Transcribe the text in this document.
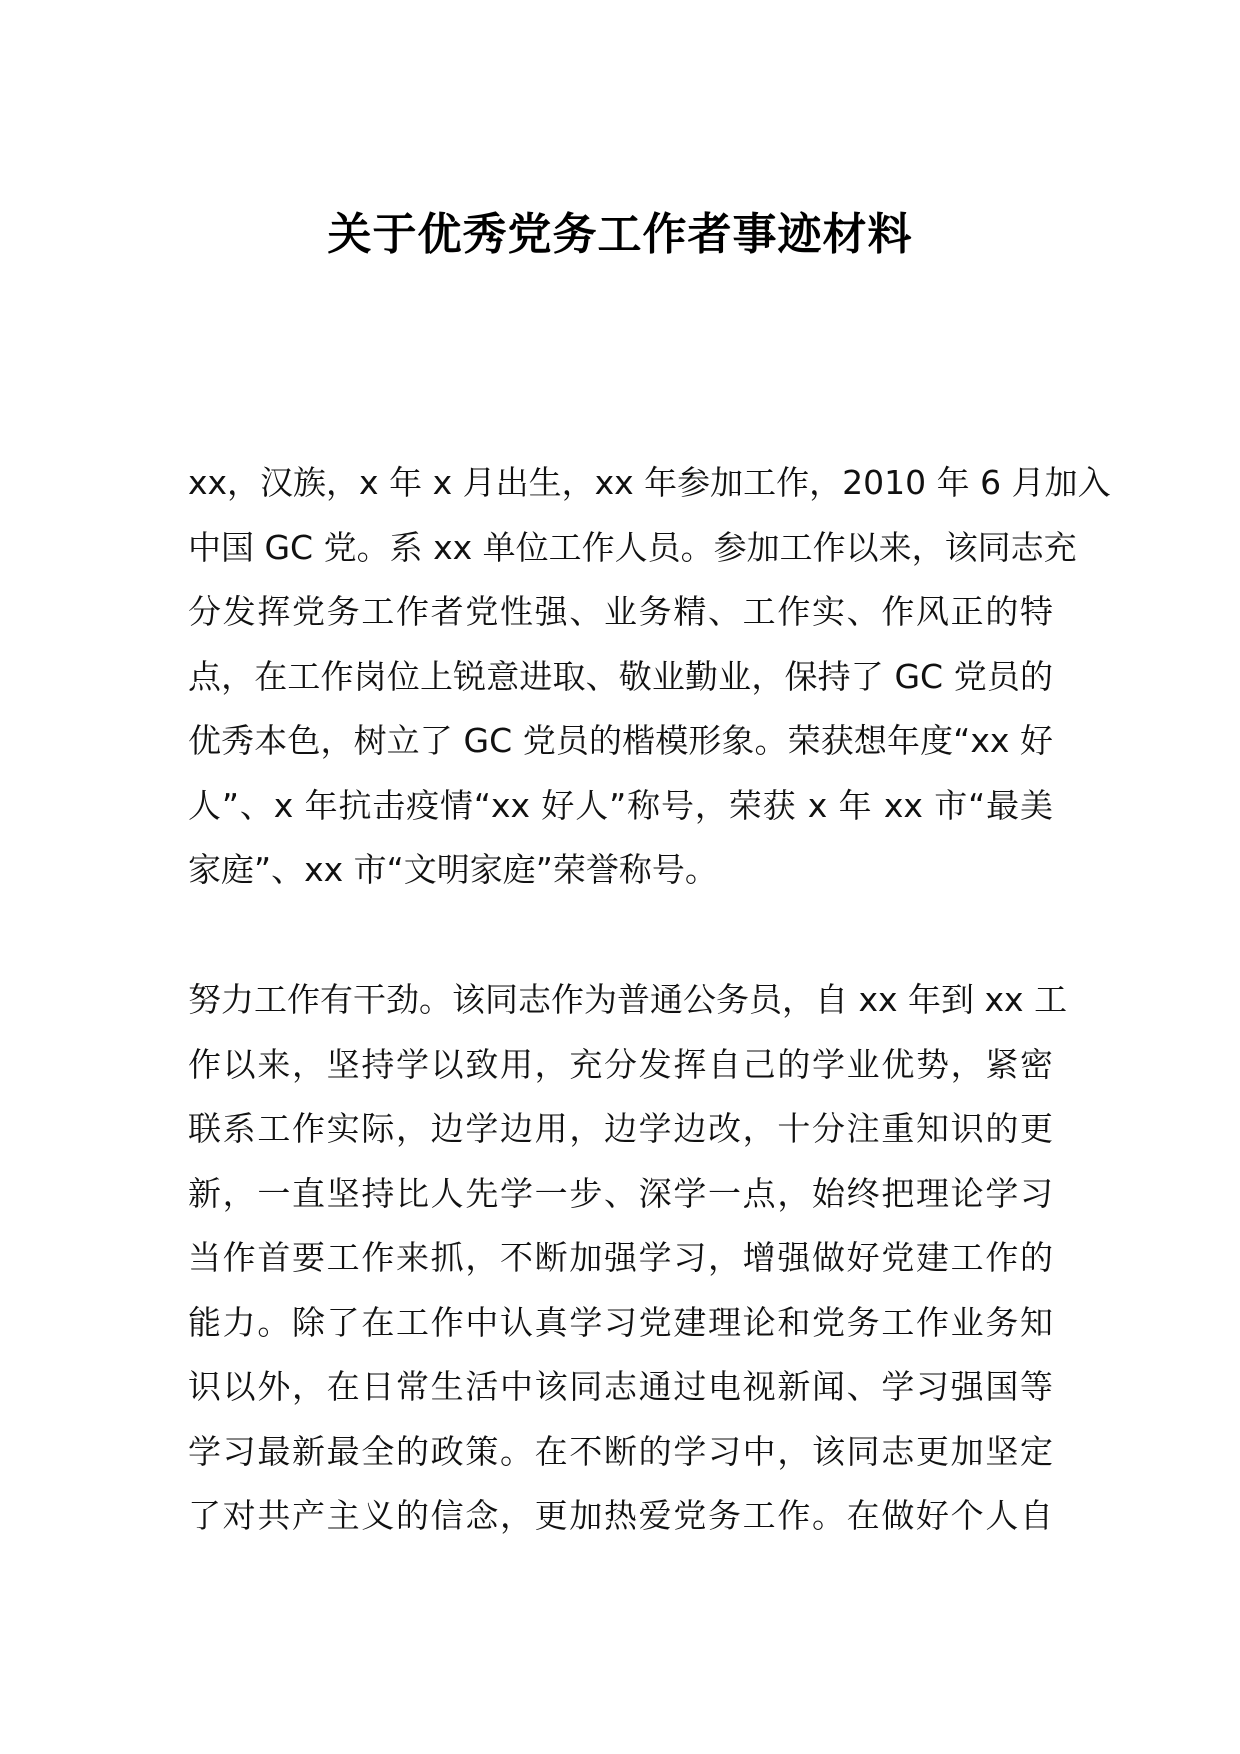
关于优秀党务工作者事迹材料
xx，汉族，x 年 x 月出生，xx 年参加工作，2010 年 6 月加入
中国 GC 党。系 xx 单位工作人员。参加工作以来，该同志充
分发挥党务工作者党性强、业务精、工作实、作风正的特
点，在工作岗位上锐意进取、敬业勤业，保持了 GC 党员的
优秀本色，树立了 GC 党员的楷模形象。荣获想年度“xx 好
人”、x 年抗击疫情“xx 好人”称号，荣获 x 年 xx 市“最美
家庭”、xx 市“文明家庭”荣誉称号。
努力工作有干劲。该同志作为普通公务员，自 xx 年到 xx 工
作以来，坚持学以致用，充分发挥自己的学业优势，紧密
联系工作实际，边学边用，边学边改，十分注重知识的更
新，一直坚持比人先学一步、深学一点，始终把理论学习
当作首要工作来抓，不断加强学习，增强做好党建工作的
能力。除了在工作中认真学习党建理论和党务工作业务知
识以外，在日常生活中该同志通过电视新闻、学习强国等
学习最新最全的政策。在不断的学习中，该同志更加坚定
了对共产主义的信念，更加热爱党务工作。在做好个人自
